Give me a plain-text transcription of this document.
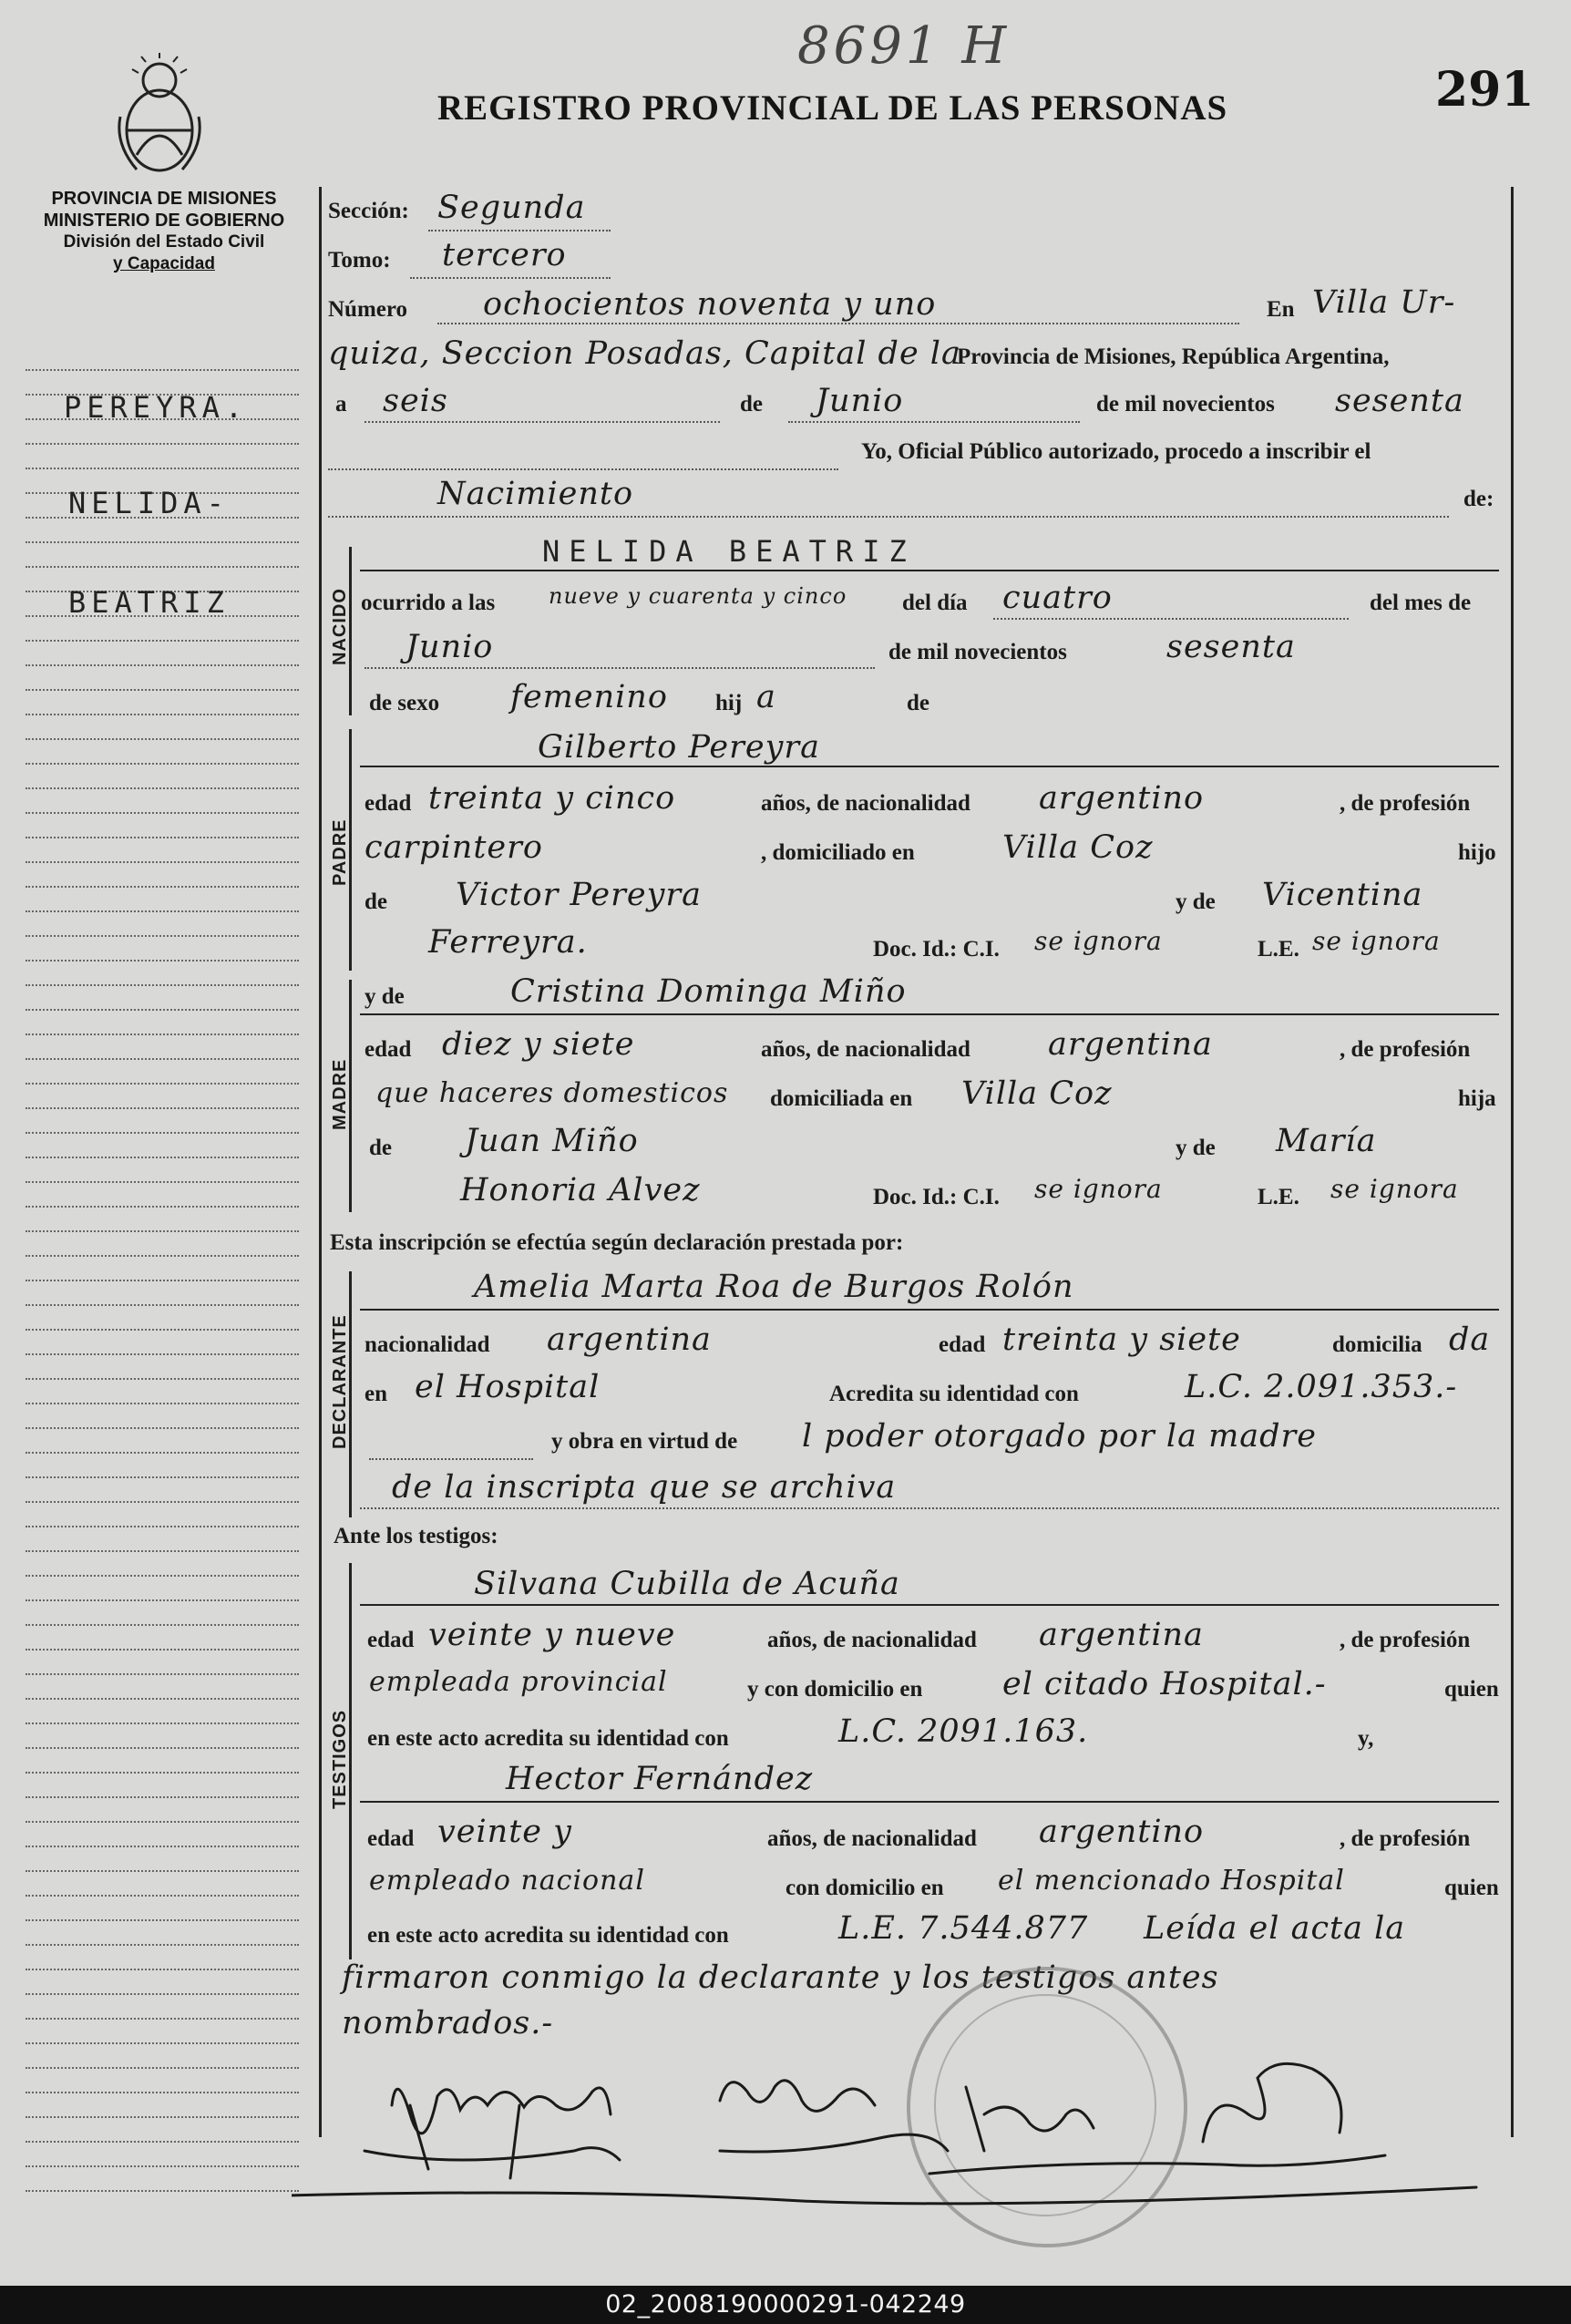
8691 H
REGISTRO PROVINCIAL DE LAS PERSONAS	291
PROVINCIA DE MISIONES
MINISTERIO DE GOBIERNO
División del Estado Civil
y Capacidad
PEREYRA.
NELIDA-
BEATRIZ	NACIDO
PADRE
MADRE
DECLARANTE
TESTIGOS
Sección: Segunda
Tomo: tercero
Número ochocientos noventa y uno	En Villa Ur-
quiza, Seccion Posadas, Capital de la
Provincia de Misiones, República Argentina,
a seis	de Junio	de mil novecientos sesenta
Yo, Oficial Público autorizado, procedo a inscribir el
Nacimiento	de:
NELIDA BEATRIZ
ocurrido a las nueve y cuarenta y cinco del día cuatro	del mes de
Junio	de mil novecientos	sesenta
de sexo femenino hij a	de
Gilberto Pereyra
edad treinta y cinco	años, de nacionalidad argentino	, de profesión
carpintero	, domiciliado en	Villa Coz	hijo
de Victor Pereyra	y de Vicentina
Ferreyra.	Doc. Id.: C.I. se ignora	L.E. se ignora
y de	Cristina Dominga Miño
edad diez y siete	años, de nacionalidad argentina	, de profesión
que haceres domesticos domiciliada en Villa Coz	hija
de Juan Miño	y de María
Honoria Alvez	Doc. Id.: C.I. se ignora	L.E. se ignora
Esta inscripción se efectúa según declaración prestada por:
Amelia Marta Roa de Burgos Rolón
nacionalidad argentina	edad treinta y siete	domicilia da
en el Hospital	Acredita su identidad con	L.C. 2.091.353.-
y obra en virtud de l poder otorgado por la madre
de la inscripta que se archiva
Ante los testigos:
Silvana Cubilla de Acuña
edad veinte y nueve	años, de nacionalidad argentina	, de profesión
empleada provincial	y con domicilio en	el citado Hospital.-	quien
en este acto acredita su identidad con	L.C. 2091.163.	y,
Hector Fernández
edad veinte y	años, de nacionalidad argentino	, de profesión
empleado nacional	con domicilio en el mencionado Hospital	quien
en este acto acredita su identidad con	L.E. 7.544.877 Leída el acta la
firmaron conmigo la declarante y los testigos antes
nombrados.-
02_2008190000291-042249
